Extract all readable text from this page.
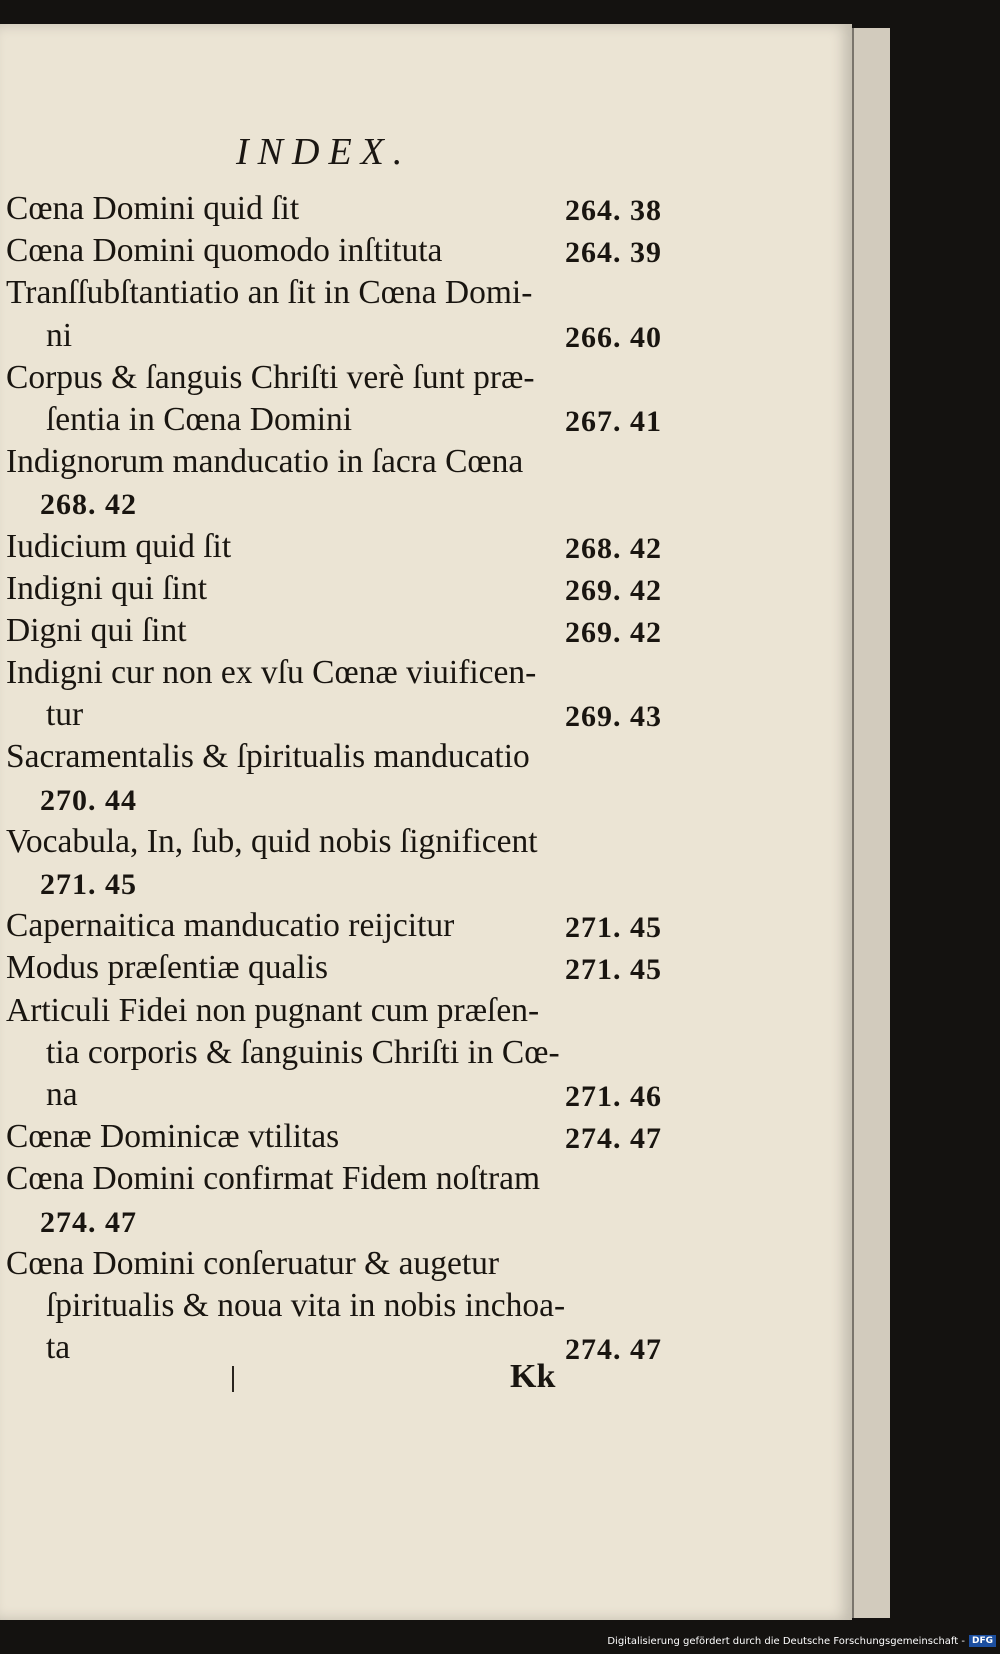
INDEX.
Cœna Domini quid ſit	264. 38
Cœna Domini quomodo inſtituta	264. 39
Tranſſubſtantiatio an ſit in Cœna Domi-
ni	266. 40
Corpus & ſanguis Chriſti verè ſunt præ-
ſentia in Cœna Domini	267. 41
Indignorum manducatio in ſacra Cœna
268. 42
Iudicium quid ſit	268. 42
Indigni qui ſint	269. 42
Digni qui ſint	269. 42
Indigni cur non ex vſu Cœnæ viuificen-
tur	269. 43
Sacramentalis & ſpiritualis manducatio
270. 44
Vocabula, In, ſub, quid nobis ſignificent
271. 45
Capernaitica manducatio reijcitur	271. 45
Modus præſentiæ qualis	271. 45
Articuli Fidei non pugnant cum præſen-
tia corporis & ſanguinis Chriſti in Cœ-
na	271. 46
Cœnæ Dominicæ vtilitas	274. 47
Cœna Domini confirmat Fidem noſtram
274. 47
Cœna Domini conſeruatur & augetur
ſpiritualis & noua vita in nobis inchoa-
ta	274. 47
Kk
Digitalisierung gefördert durch die Deutsche Forschungsgemeinschaft - DFG
